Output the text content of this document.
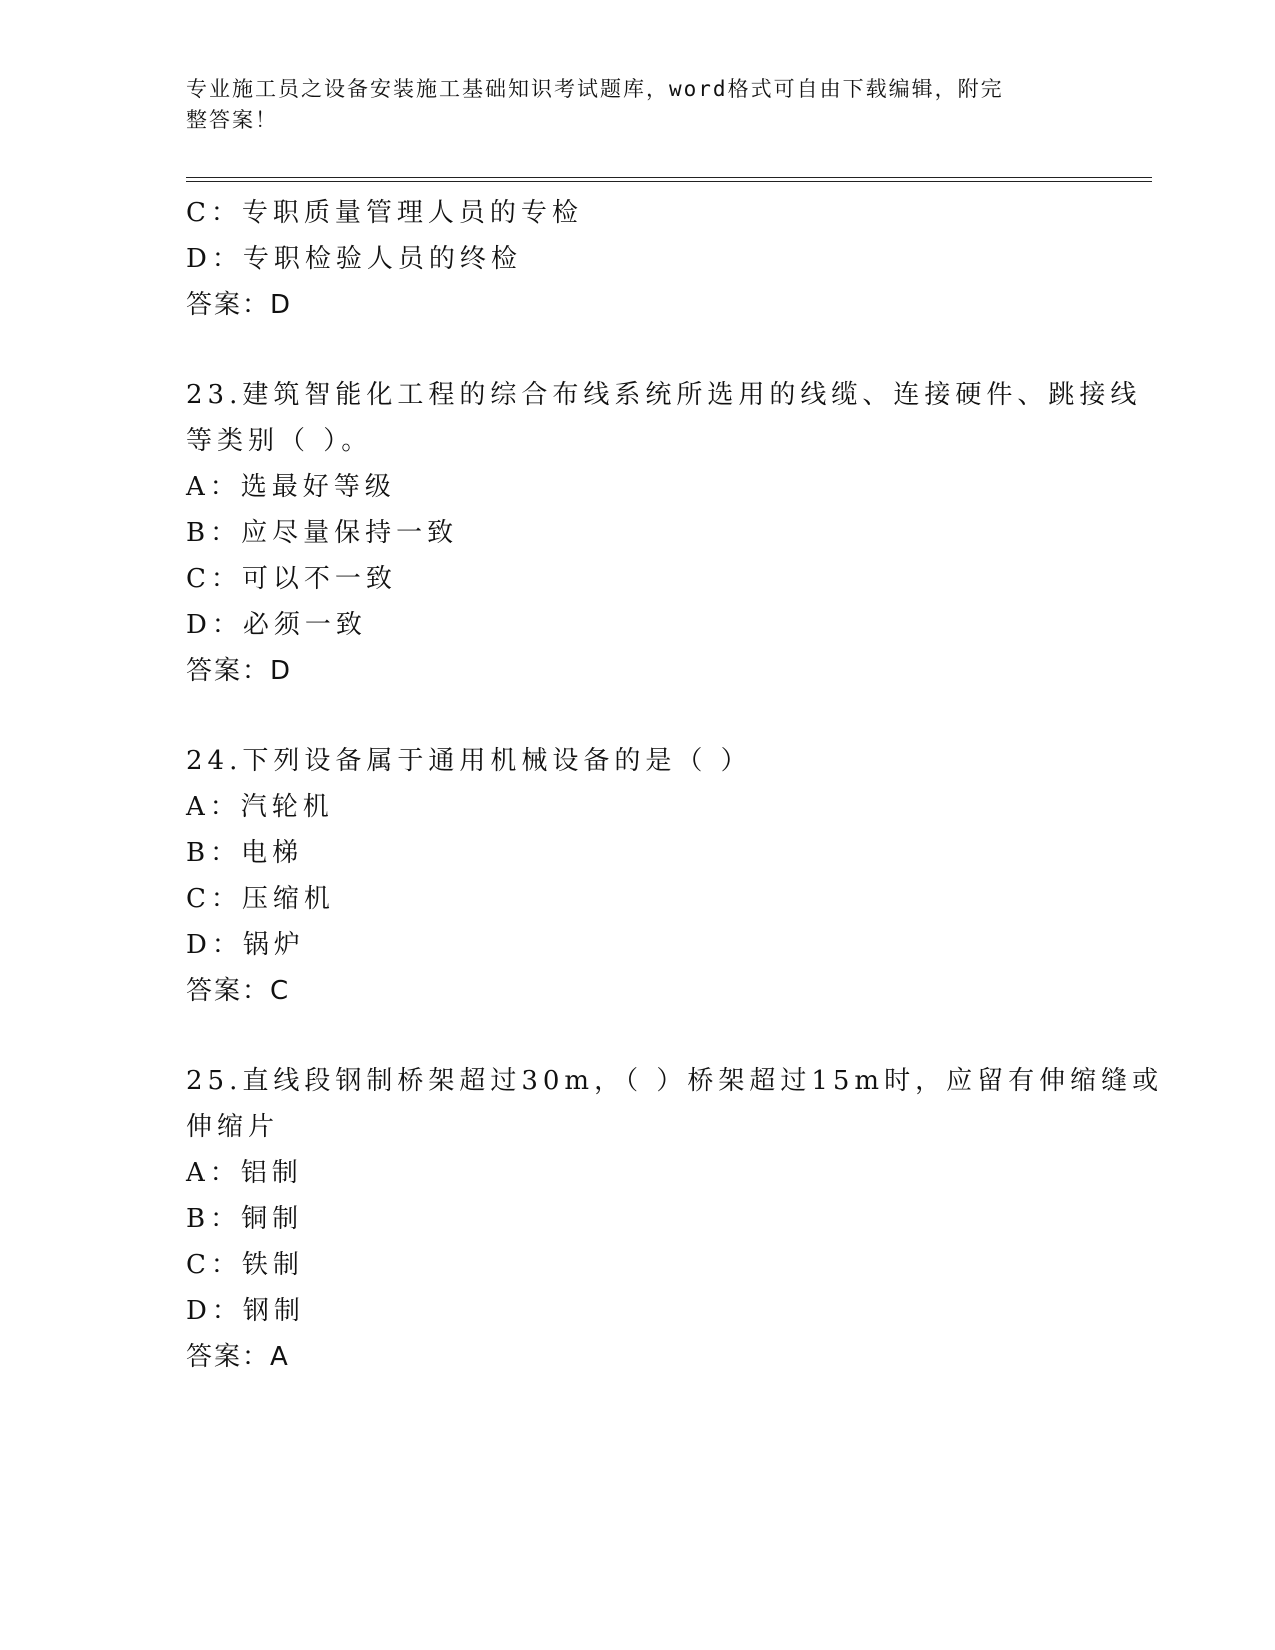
专业施工员之设备安装施工基础知识考试题库，word格式可自由下载编辑，附完
整答案！
C：专职质量管理人员的专检
D：专职检验人员的终检
答案：D
23.建筑智能化工程的综合布线系统所选用的线缆、连接硬件、跳接线
等类别（ ）。
A：选最好等级
B：应尽量保持一致
C：可以不一致
D：必须一致
答案：D
24.下列设备属于通用机械设备的是（ ）
A：汽轮机
B：电梯
C：压缩机
D：锅炉
答案：C
25.直线段钢制桥架超过30m，（ ）桥架超过15m时，应留有伸缩缝或
伸缩片
A：铝制
B：铜制
C：铁制
D：钢制
答案：A
